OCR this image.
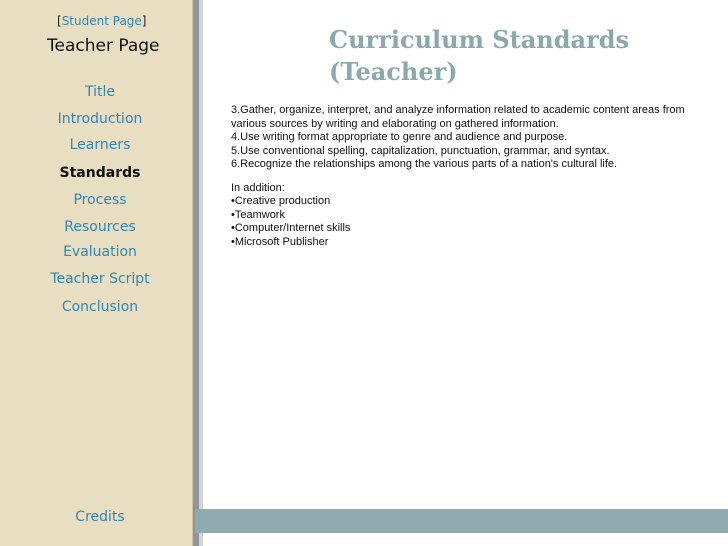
[Student Page]
Teacher Page
Title
Introduction
Learners
Standards
Process
Resources
Evaluation
Teacher Script
Conclusion
Credits
Curriculum Standards
(Teacher)

3.Gather, organize, interpret, and analyze information related to academic content areas from various sources by writing and elaborating on gathered information.

4.Use writing format appropriate to genre and audience and purpose.

5.Use conventional spelling, capitalization, punctuation, grammar, and syntax.

6.Recognize the relationships among the various parts of a nation's cultural life.

In addition:

•Creative production

•Teamwork

•Computer/Internet skills

•Microsoft Publisher
